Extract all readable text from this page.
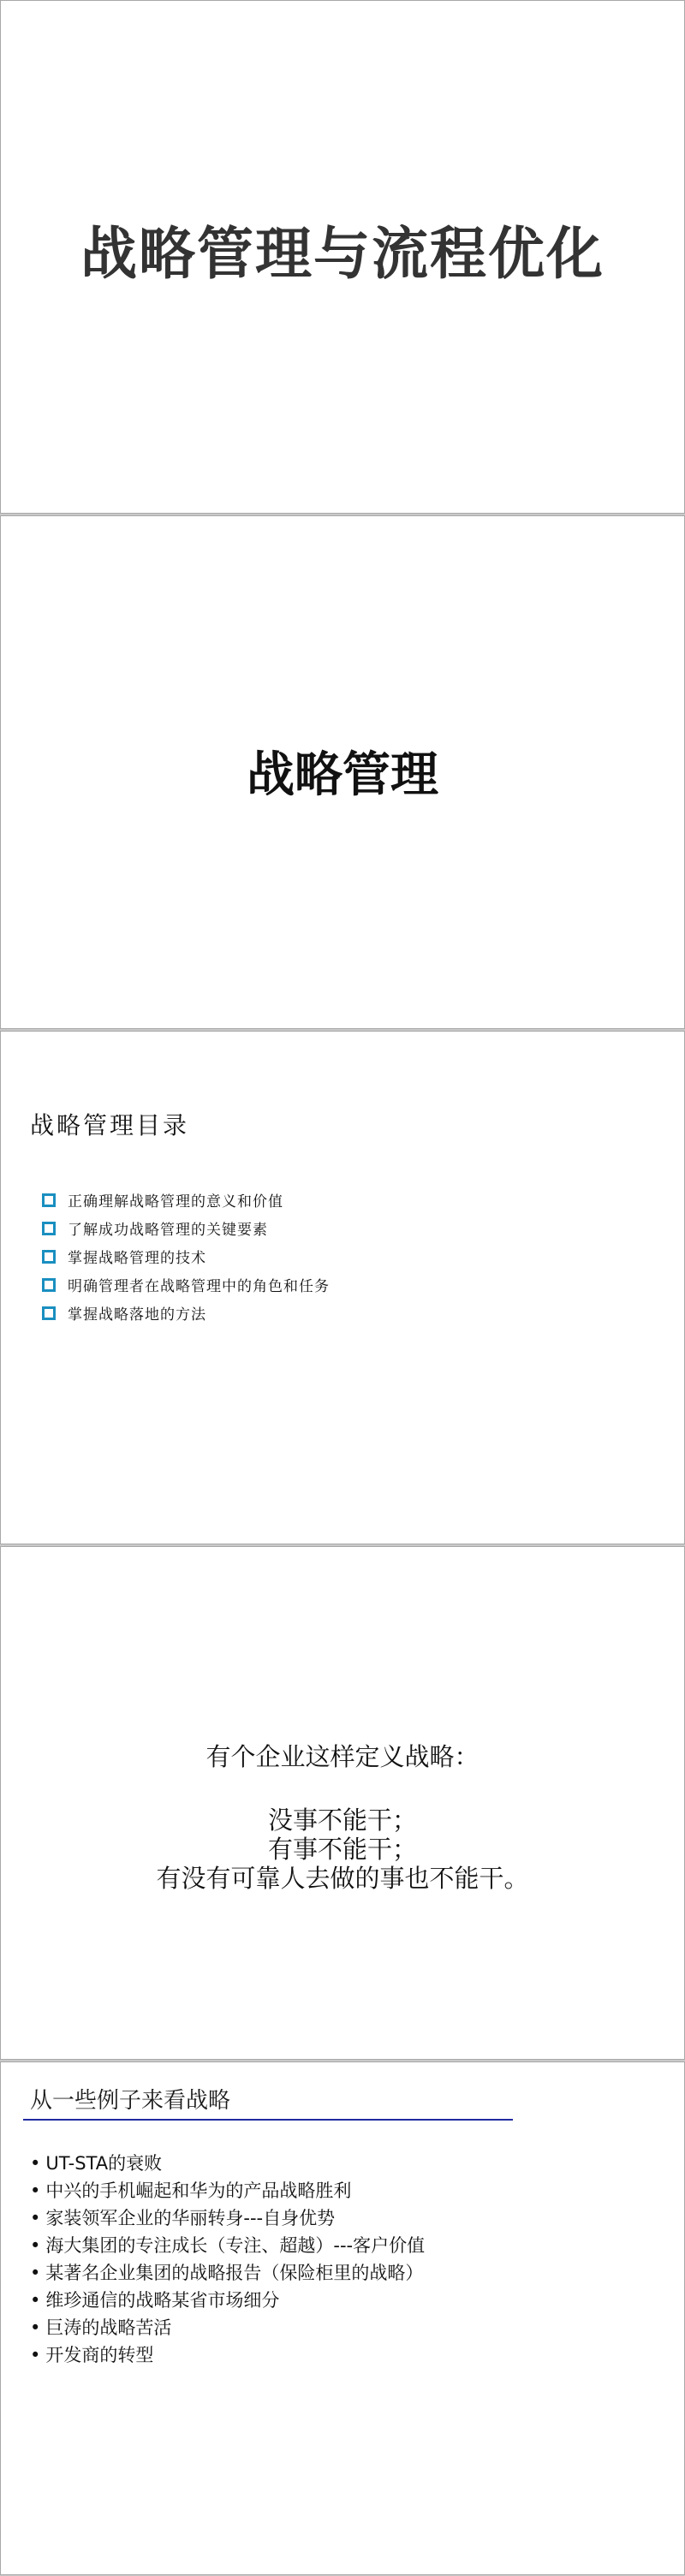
战略管理与流程优化
战略管理
战略管理目录
正确理解战略管理的意义和价值
了解成功战略管理的关键要素
掌握战略管理的技术
明确管理者在战略管理中的角色和任务
掌握战略落地的方法
有个企业这样定义战略：
没事不能干；
有事不能干；
有没有可靠人去做的事也不能干。
从一些例子来看战略
• UT-STA的衰败
• 中兴的手机崛起和华为的产品战略胜利
• 家装领军企业的华丽转身---自身优势
• 海大集团的专注成长（专注、超越）---客户价值
• 某著名企业集团的战略报告（保险柜里的战略）
• 维珍通信的战略某省市场细分
• 巨涛的战略苦活
• 开发商的转型
